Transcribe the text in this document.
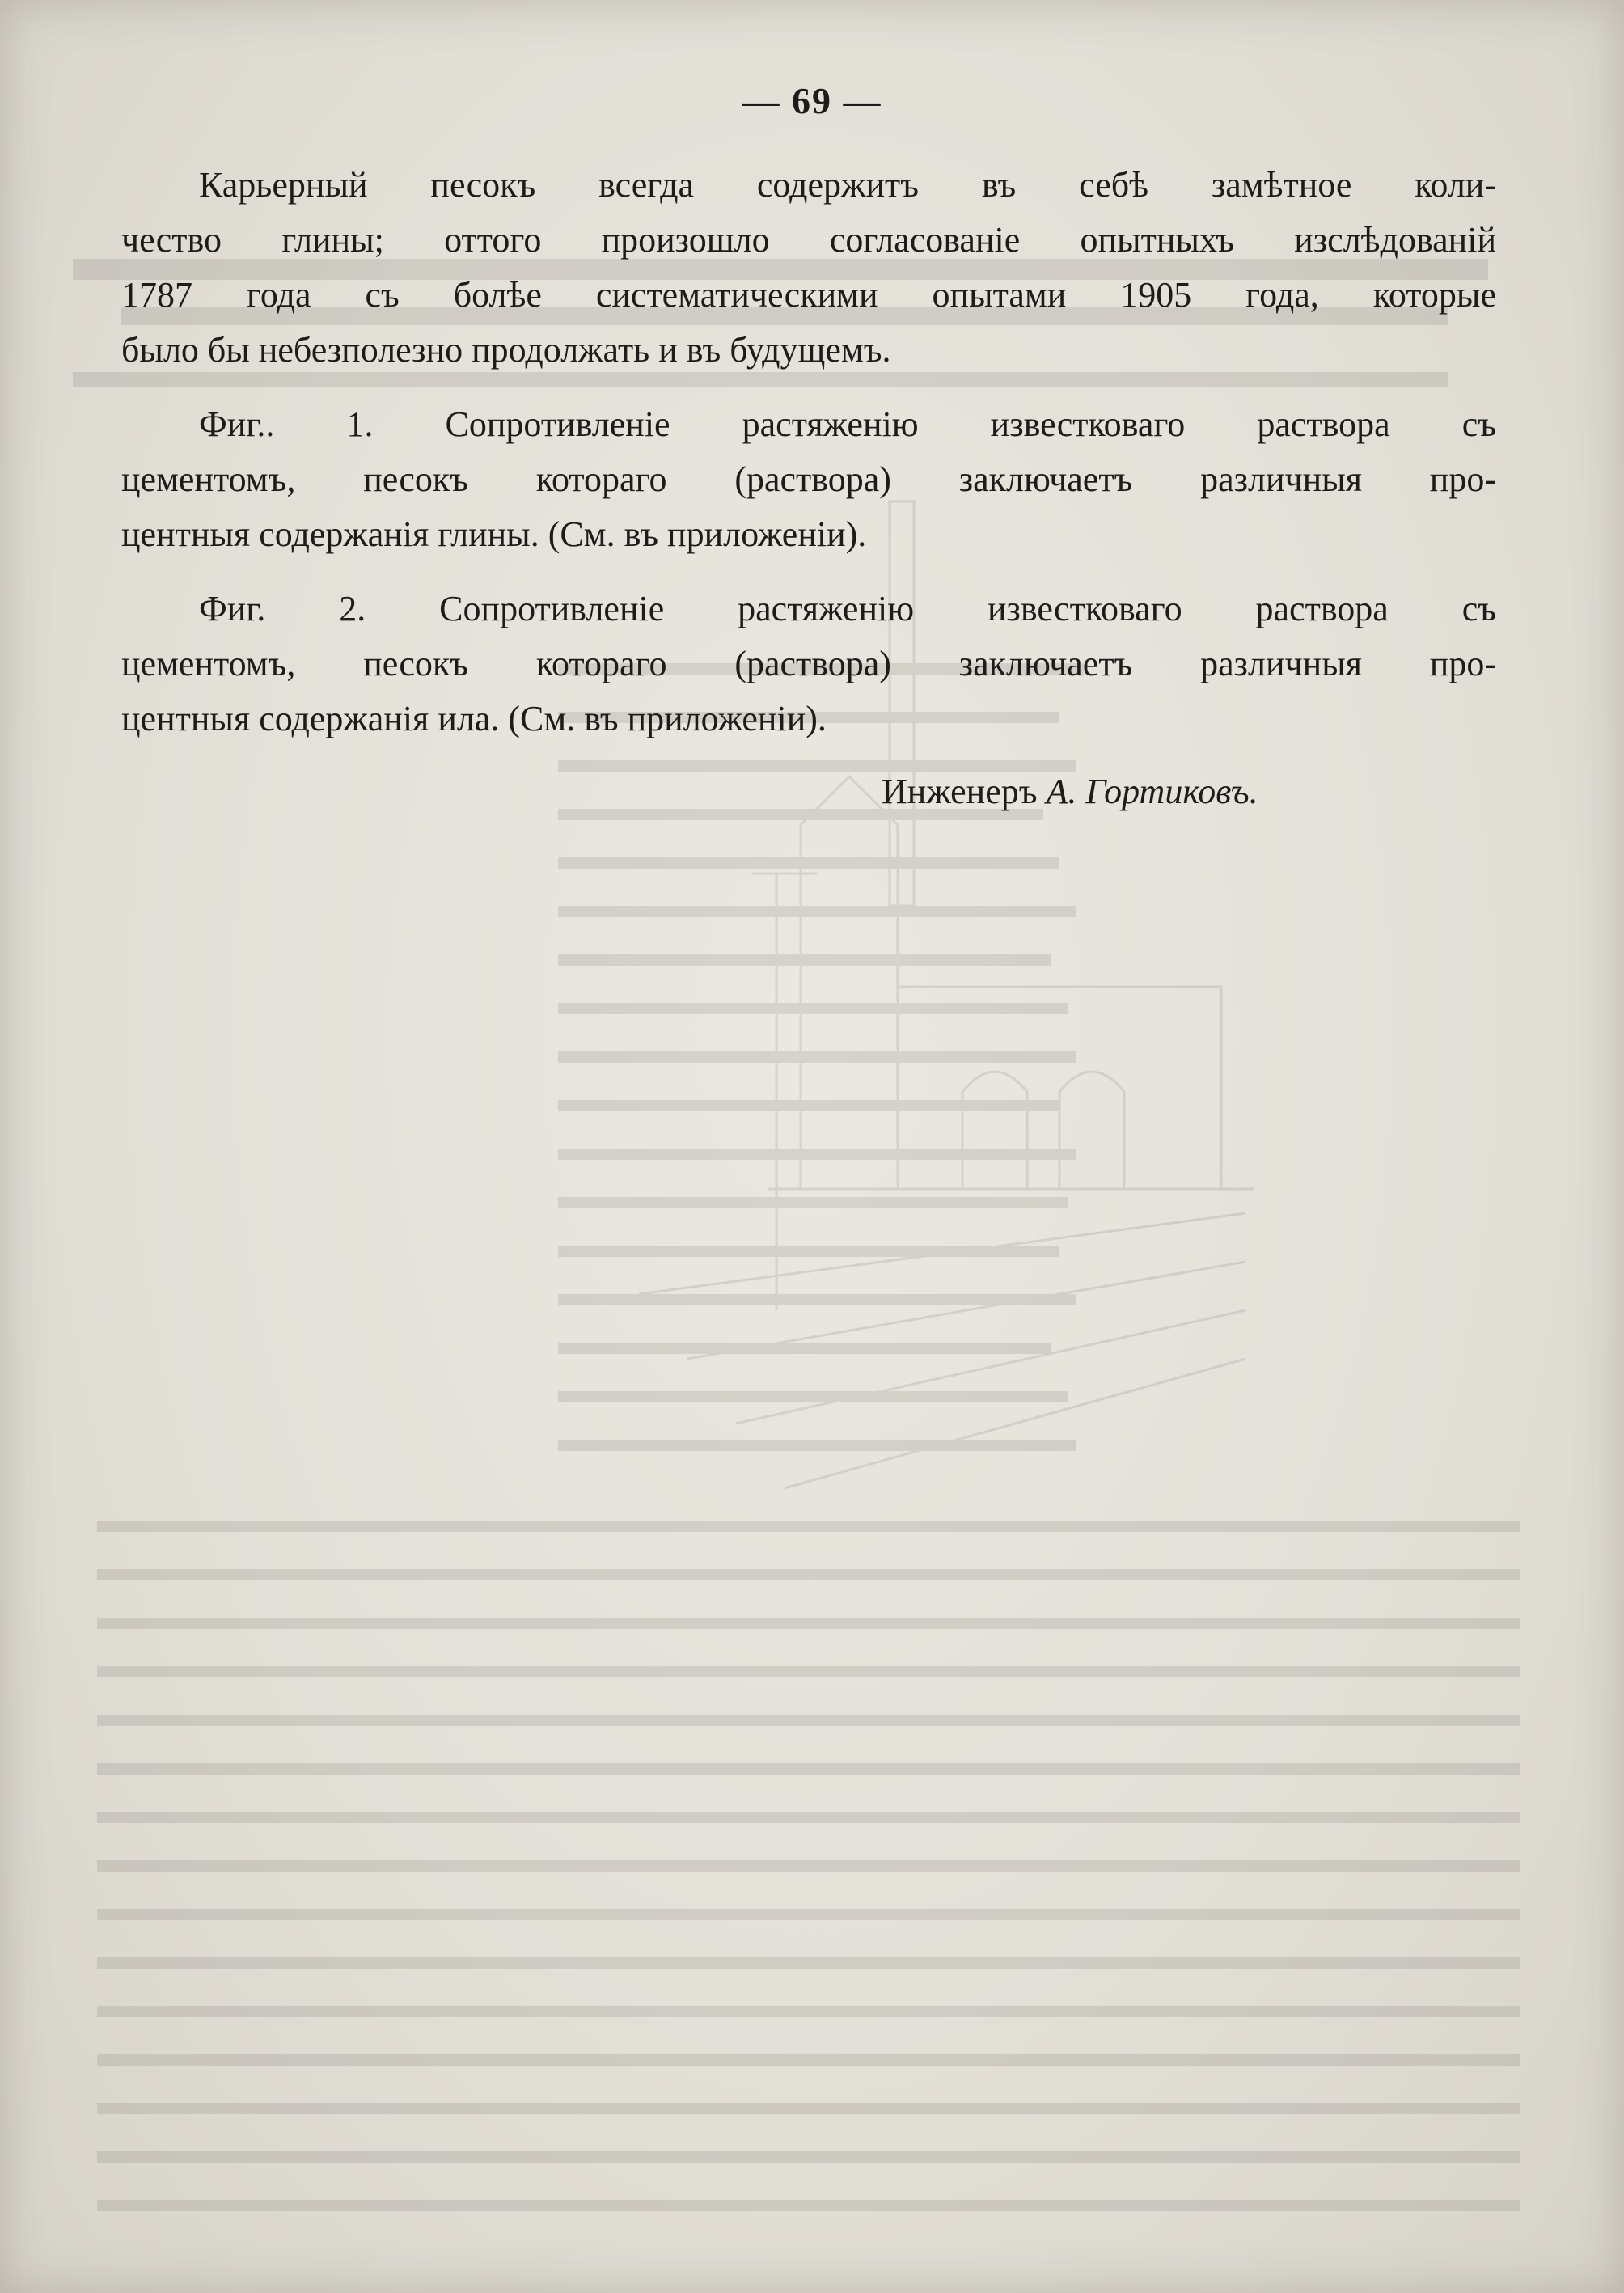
— 69 —

Карьерный песокъ всегда содержитъ въ себѣ замѣтное коли-
чество глины; оттого произошло согласованіе опытныхъ изслѣдованій
1787 года съ болѣе систематическими опытами 1905 года, которые
было бы небезполезно продолжать и въ будущемъ.

Фиг.. 1. Сопротивленіе растяженію известковаго раствора съ
цементомъ, песокъ котораго (раствора) заключаетъ различныя про-
центныя содержанія глины. (См. въ приложеніи).

Фиг. 2. Сопротивленіе растяженію известковаго раствора съ
цементомъ, песокъ котораго (раствора) заключаетъ различныя про-
центныя содержанія ила. (См. въ приложеніи).

Инженеръ А. Гортиковъ.
